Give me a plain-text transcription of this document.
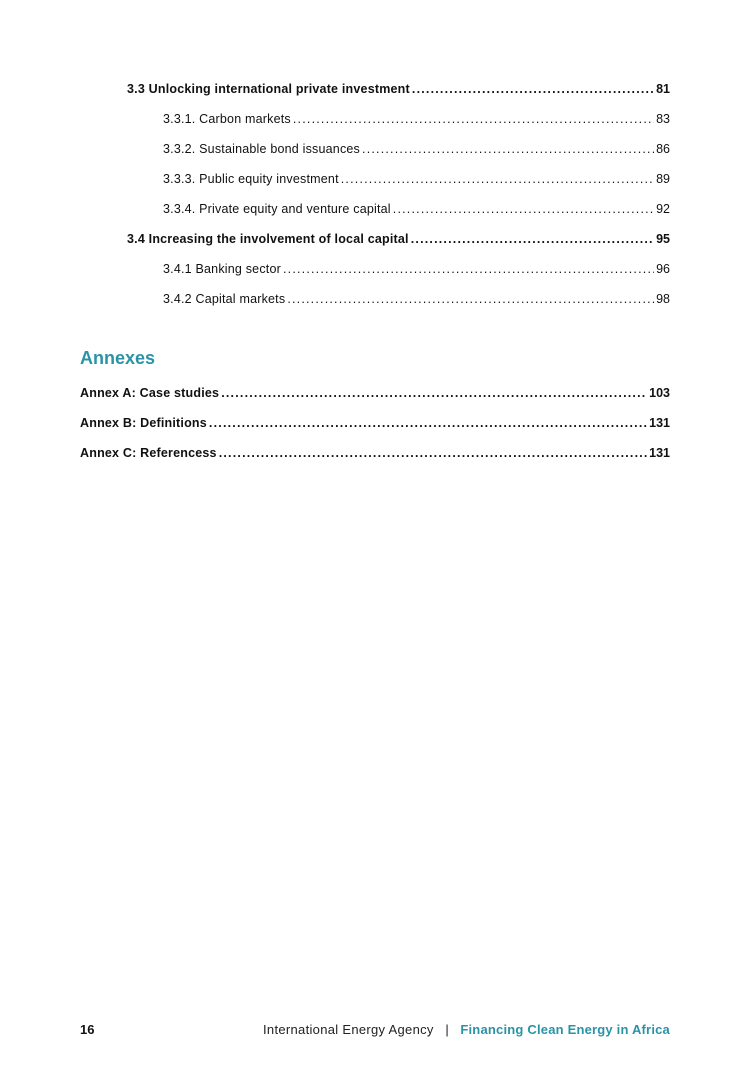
3.3 Unlocking international private investment .....	81
3.3.1. Carbon markets .....	83
3.3.2. Sustainable bond issuances .....	86
3.3.3. Public equity investment .....	89
3.3.4. Private equity and venture capital .....	92
3.4 Increasing the involvement of local capital .....	95
3.4.1 Banking sector .....	96
3.4.2 Capital markets .....	98
Annexes
Annex A: Case studies .....	103
Annex B: Definitions .....	131
Annex C: Referencess .....	131
16	International Energy Agency | Financing Clean Energy in Africa
